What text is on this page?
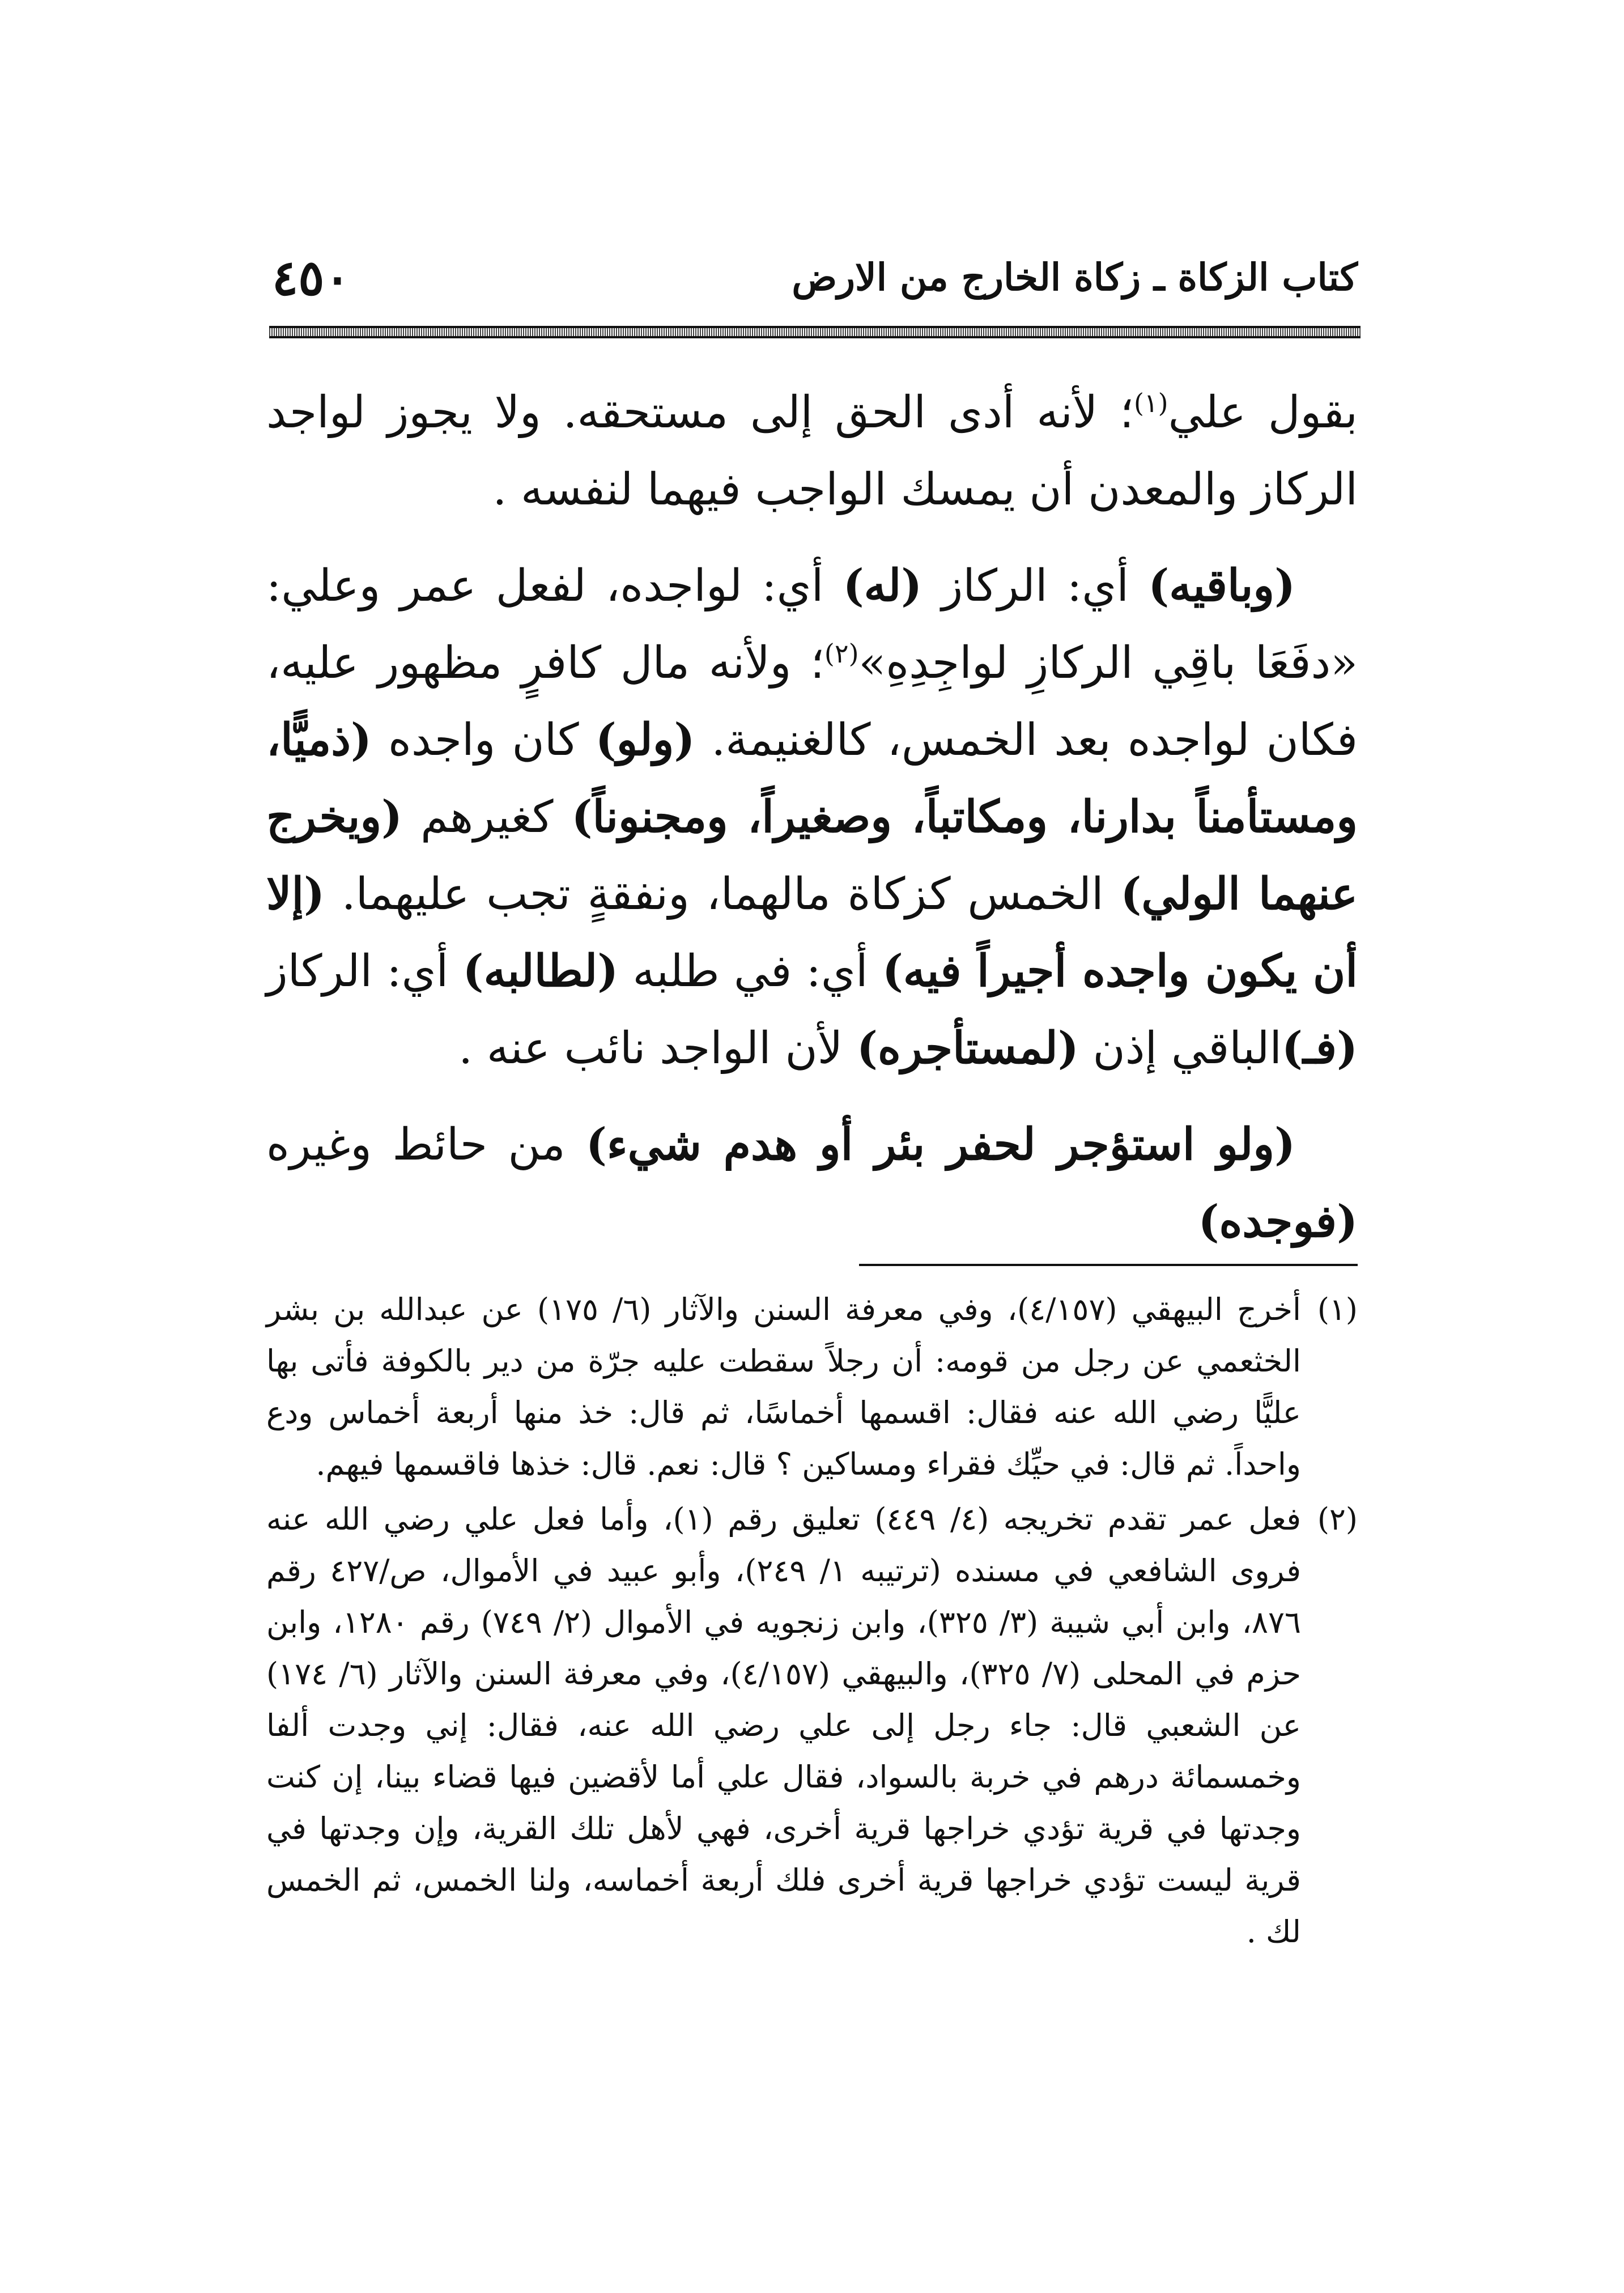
كتاب الزكاة ـ زكاة الخارج من الارض
٤٥٠

بقول علي$^{(١)}$؛ لأنه أدى الحق إلى مستحقه. ولا يجوز لواجد الركاز والمعدن أن يمسك الواجب فيهما لنفسه .

(وباقيه) أي: الركاز (له) أي: لواجده، لفعل عمر وعلي: «دفَعَا باقِي الركازِ لواجِدِهِ»$^{(٢)}$؛ ولأنه مال كافرٍ مظهور عليه، فكان لواجده بعد الخمس، كالغنيمة. (ولو) كان واجده (ذميًّا، ومستأمناً بدارنا، ومكاتباً، وصغيراً، ومجنوناً) كغيرهم (ويخرج عنهما الولي) الخمس كزكاة مالهما، ونفقةٍ تجب عليهما. (إلا أن يكون واجده أجيراً فيه) أي: في طلبه (لطالبه) أي: الركاز (فـ)الباقي إذن (لمستأجره) لأن الواجد نائب عنه .

(ولو استؤجر لحفر بئر أو هدم شيء) من حائط وغيره (فوجده)

(١)
أخرج البيهقي (٤/١٥٧)، وفي معرفة السنن والآثار (٦/ ١٧٥) عن عبدالله بن بشر الخثعمي عن رجل من قومه: أن رجلاً سقطت عليه جرّة من دير بالكوفة فأتى بها عليًّا رضي الله عنه فقال: اقسمها أخماسًا، ثم قال: خذ منها أربعة أخماس ودع واحداً. ثم قال: في حيِّك فقراء ومساكين ؟ قال: نعم. قال: خذها فاقسمها فيهم.
(٢)
فعل عمر تقدم تخريجه (٤/ ٤٤٩) تعليق رقم (١)، وأما فعل علي رضي الله عنه فروى الشافعي في مسنده (ترتيبه ١/ ٢٤٩)، وأبو عبيد في الأموال، ص/٤٢٧ رقم ٨٧٦، وابن أبي شيبة (٣/ ٣٢٥)، وابن زنجويه في الأموال (٢/ ٧٤٩) رقم ١٢٨٠، وابن حزم في المحلى (٧/ ٣٢٥)، والبيهقي (٤/١٥٧)، وفي معرفة السنن والآثار (٦/ ١٧٤) عن الشعبي قال: جاء رجل إلى علي رضي الله عنه، فقال: إني وجدت ألفا وخمسمائة درهم في خربة بالسواد، فقال علي أما لأقضين فيها قضاء بينا، إن كنت وجدتها في قرية تؤدي خراجها قرية أخرى، فهي لأهل تلك القرية، وإن وجدتها في قرية ليست تؤدي خراجها قرية أخرى فلك أربعة أخماسه، ولنا الخمس، ثم الخمس لك .
